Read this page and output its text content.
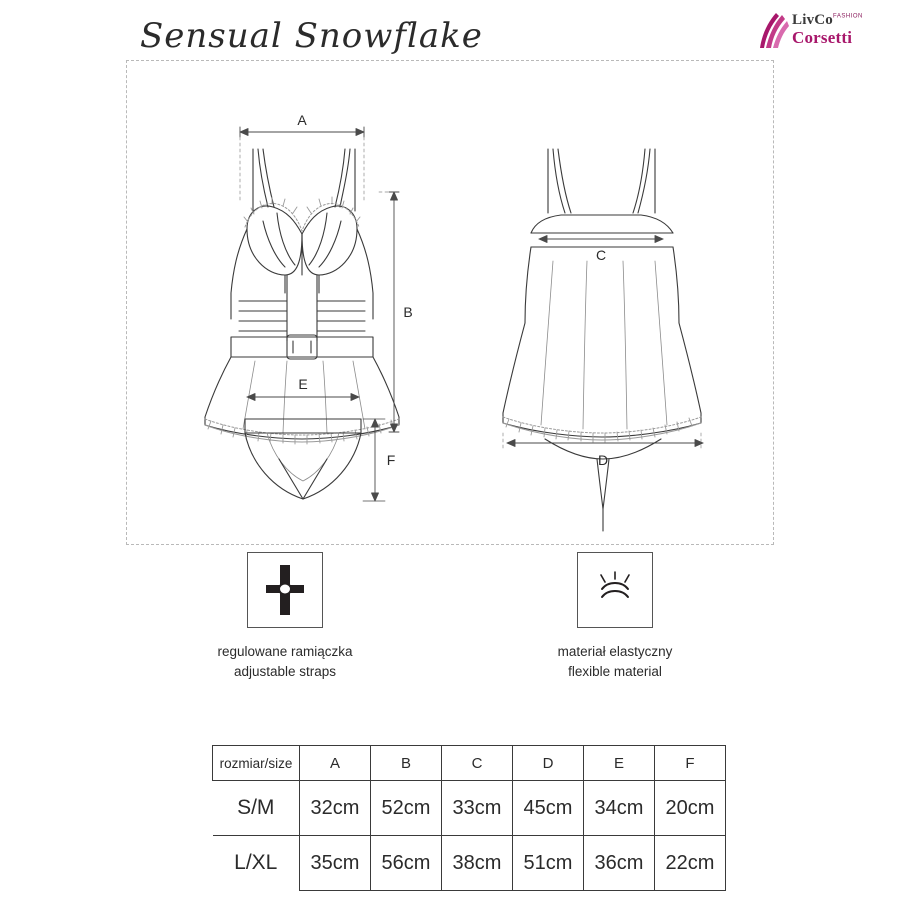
Sensual Snowflake	LivCo$^{FASHION}$
Corsetti
A
B
C
D
E
F
regulowane ramiączka
adjustable straps
materiał elastyczny
flexible material
rozmiar/size	A	B	C	D	E	F
S/M	32cm	52cm	33cm	45cm	34cm	20cm
L/XL	35cm	56cm	38cm	51cm	36cm	22cm
